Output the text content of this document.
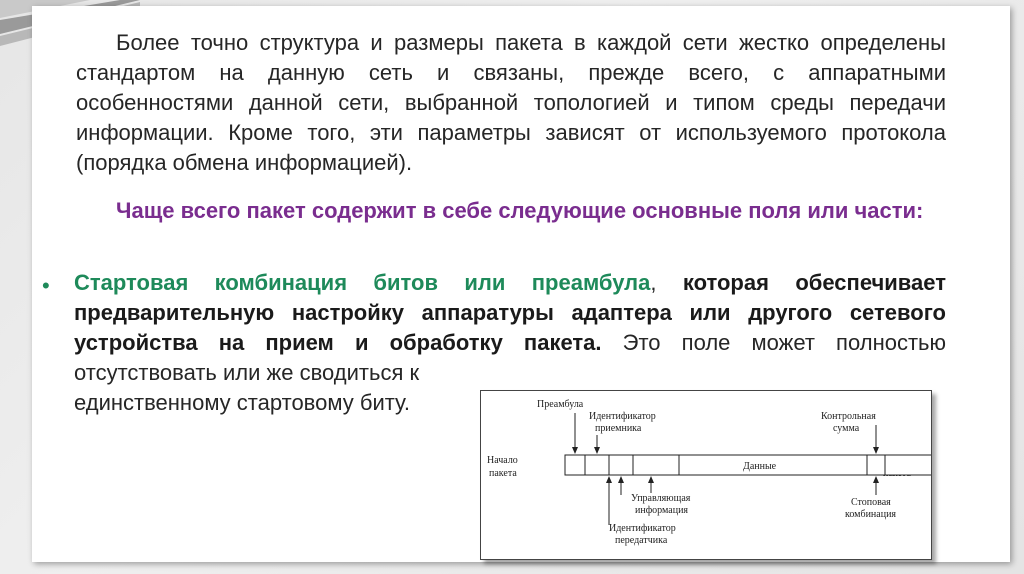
Более точно структура и размеры пакета в каждой сети жестко определены стандартом на данную сеть и связаны, прежде всего, с аппаратными особенностями данной сети, выбранной топологией и типом среды передачи информации. Кроме того, эти параметры зависят от используемого протокола (порядка обмена информацией).

Чаще всего пакет содержит в себе следующие основные поля или части:

• Стартовая комбинация битов или преамбула, которая обеспечивает предварительную настройку аппаратуры адаптера или другого сетевого устройства на прием и обработку пакета. Это поле может полностью отсутствовать или же сводиться к
единственному стартовому биту.

Начало
пакета
Данные
Преамбула
Идентификатор
приемника
Контрольная
сумма
Управляющая
информация
Идентификатор
передатчика
Стоповая
комбинация
